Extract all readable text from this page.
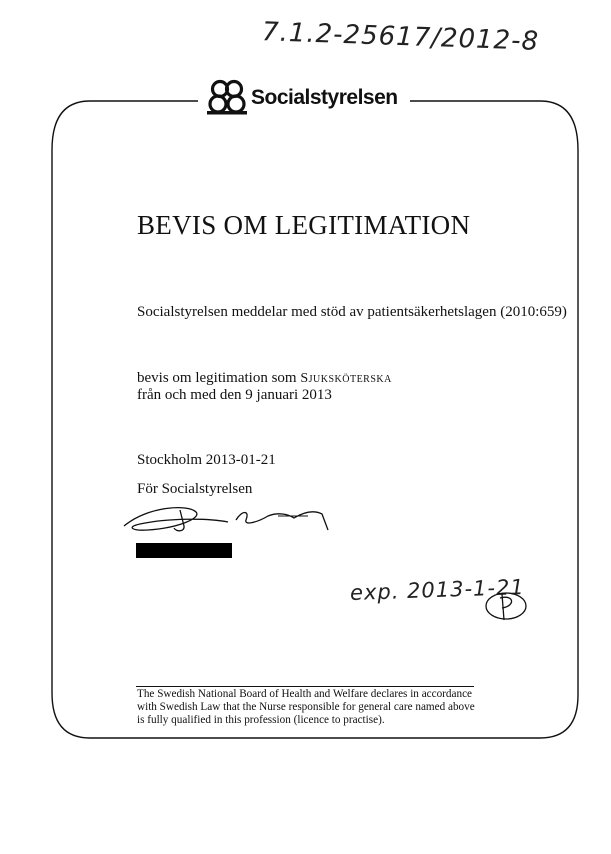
7.1.2-25617/2012-8
Socialstyrelsen
BEVIS OM LEGITIMATION
Socialstyrelsen meddelar med stöd av patientsäkerhetslagen (2010:659)
bevis om legitimation som Sjuksköterska
från och med den 9 januari 2013
Stockholm 2013-01-21
För Socialstyrelsen
exp. 2013-1-21
The Swedish National Board of Health and Welfare declares in accordance
with Swedish Law that the Nurse responsible for general care named above
is fully qualified in this profession (licence to practise).
